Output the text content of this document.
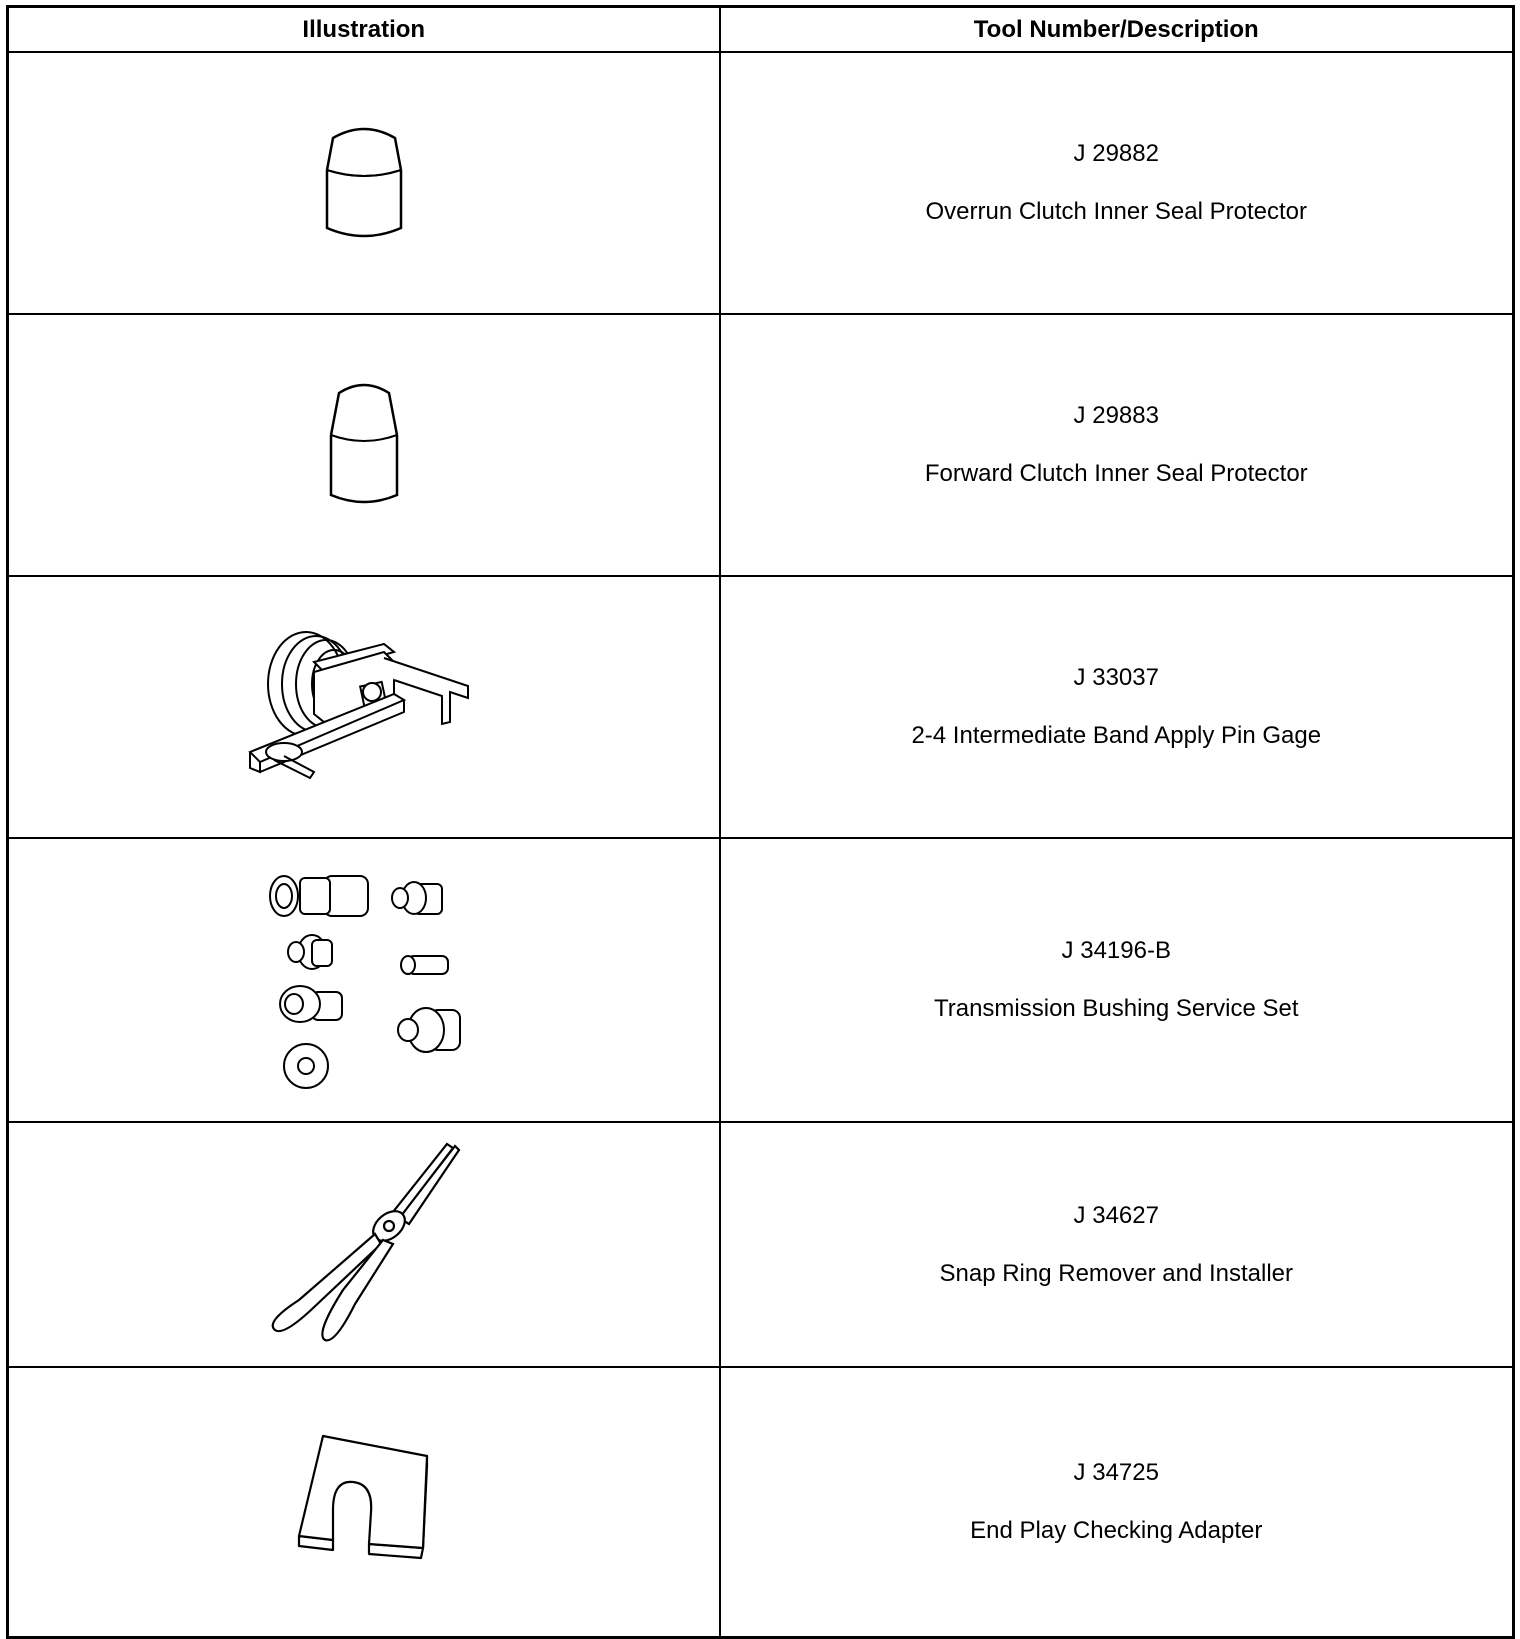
Illustration	Tool Number/Description

J 29882
Overrun Clutch Inner Seal Protector

J 29883
Forward Clutch Inner Seal Protector

J 33037
2-4 Intermediate Band Apply Pin Gage

J 34196-B
Transmission Bushing Service Set

J 34627
Snap Ring Remover and Installer

J 34725
End Play Checking Adapter
